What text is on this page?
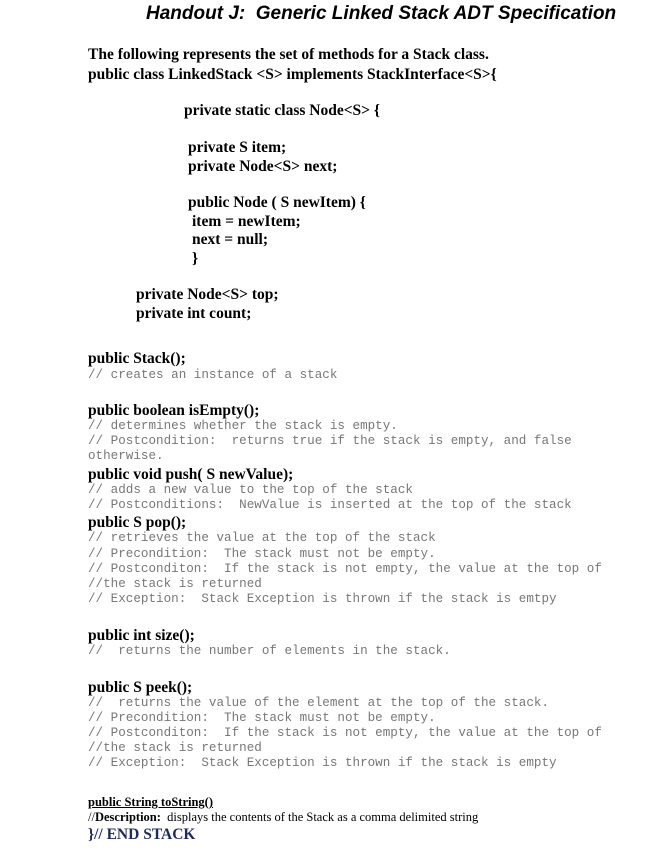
Handout J:  Generic Linked Stack ADT Specification
The following represents the set of methods for a Stack class.
public class LinkedStack <S> implements StackInterface<S>{
private static class Node<S> {
private S item;
private Node<S> next;
public Node ( S newItem) {
item = newItem;
next = null;
}
private Node<S> top;
private int count;
public Stack();
// creates an instance of a stack
public boolean isEmpty();
// determines whether the stack is empty.
// Postcondition:  returns true if the stack is empty, and false
otherwise.
public void push( S newValue);
// adds a new value to the top of the stack
// Postconditions:  NewValue is inserted at the top of the stack
public S pop();
// retrieves the value at the top of the stack
// Precondition:  The stack must not be empty.
// Postconditon:  If the stack is not empty, the value at the top of
//the stack is returned
// Exception:  Stack Exception is thrown if the stack is emtpy
public int size();
//  returns the number of elements in the stack.
public S peek();
//  returns the value of the element at the top of the stack.
// Precondition:  The stack must not be empty.
// Postconditon:  If the stack is not empty, the value at the top of
//the stack is returned
// Exception:  Stack Exception is thrown if the stack is empty
public String toString()
//Description:  displays the contents of the Stack as a comma delimited string
}// END STACK
